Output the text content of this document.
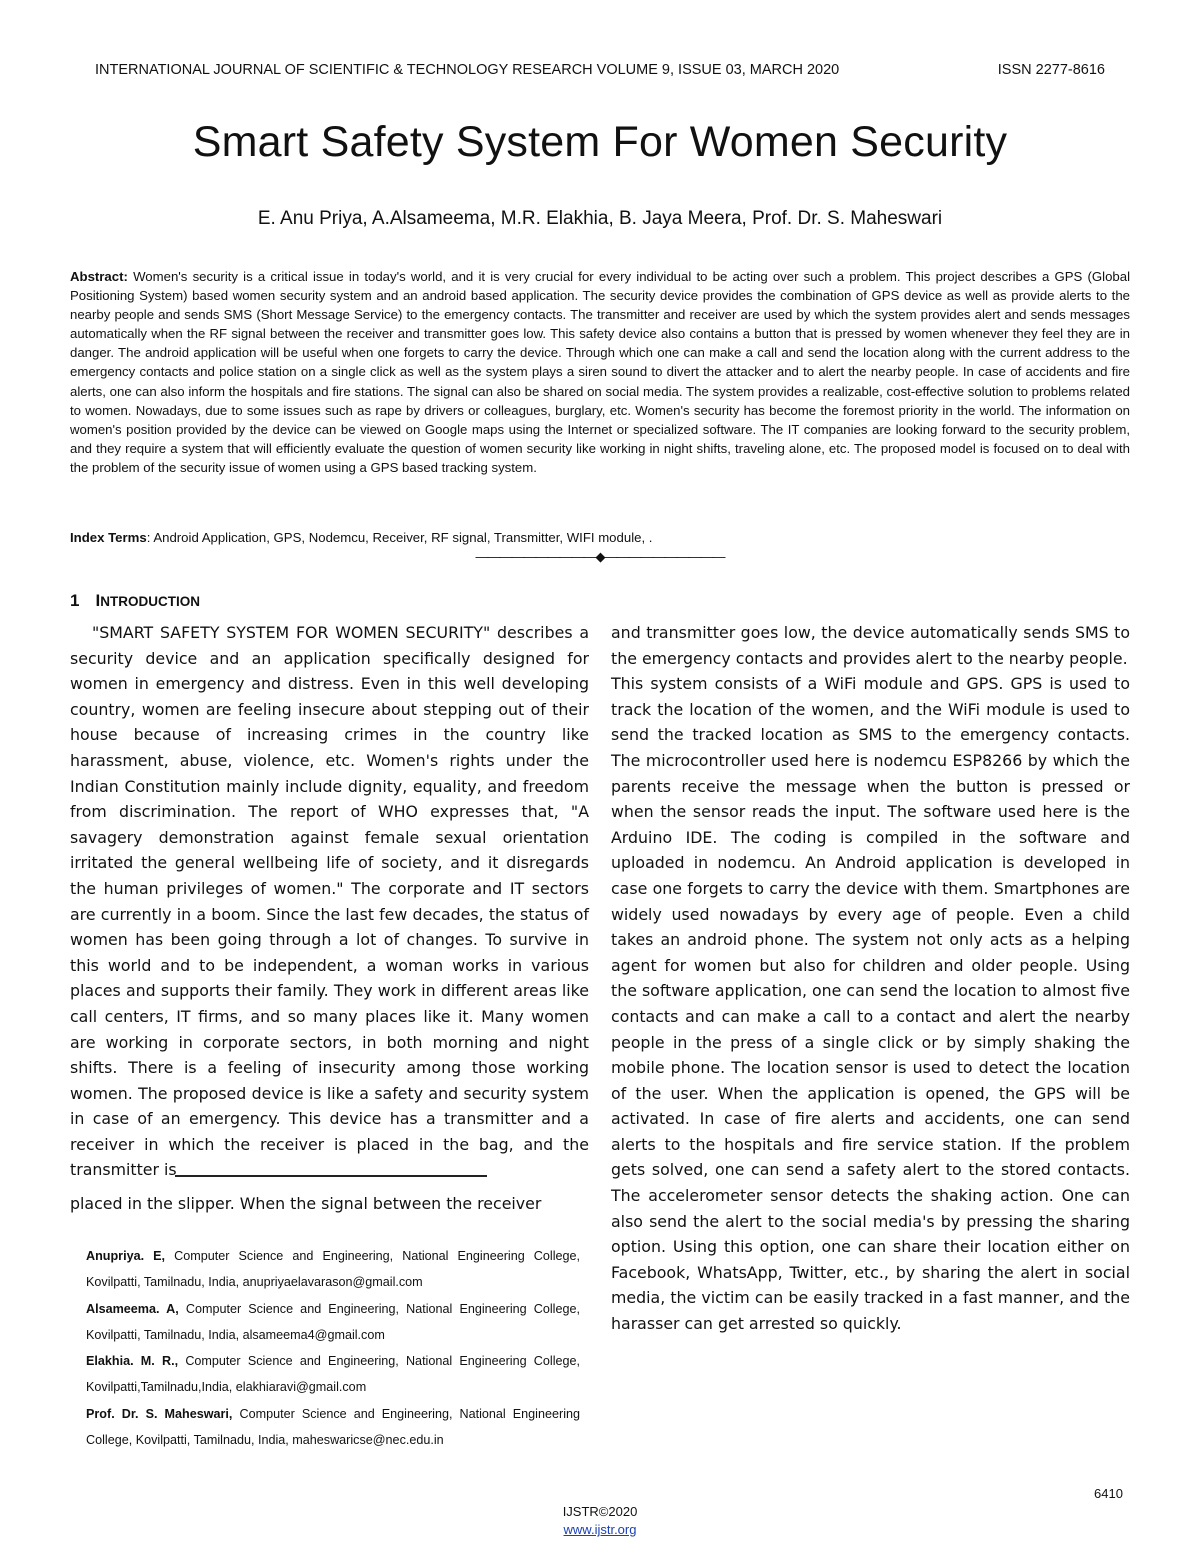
INTERNATIONAL JOURNAL OF SCIENTIFIC & TECHNOLOGY RESEARCH VOLUME 9, ISSUE 03, MARCH 2020	ISSN 2277-8616
Smart Safety System For Women Security
E. Anu Priya, A.Alsameema, M.R. Elakhia, B. Jaya Meera, Prof. Dr. S. Maheswari
Abstract: Women's security is a critical issue in today's world, and it is very crucial for every individual to be acting over such a problem. This project describes a GPS (Global Positioning System) based women security system and an android based application. The security device provides the combination of GPS device as well as provide alerts to the nearby people and sends SMS (Short Message Service) to the emergency contacts. The transmitter and receiver are used by which the system provides alert and sends messages automatically when the RF signal between the receiver and transmitter goes low. This safety device also contains a button that is pressed by women whenever they feel they are in danger. The android application will be useful when one forgets to carry the device. Through which one can make a call and send the location along with the current address to the emergency contacts and police station on a single click as well as the system plays a siren sound to divert the attacker and to alert the nearby people. In case of accidents and fire alerts, one can also inform the hospitals and fire stations. The signal can also be shared on social media. The system provides a realizable, cost-effective solution to problems related to women. Nowadays, due to some issues such as rape by drivers or colleagues, burglary, etc. Women's security has become the foremost priority in the world. The information on women's position provided by the device can be viewed on Google maps using the Internet or specialized software. The IT companies are looking forward to the security problem, and they require a system that will efficiently evaluate the question of women security like working in night shifts, traveling alone, etc. The proposed model is focused on to deal with the problem of the security issue of women using a GPS based tracking system.
Index Terms: Android Application, GPS, Nodemcu, Receiver, RF signal, Transmitter, WIFI module, .
——————————◆——————————
1 INTRODUCTION

"SMART SAFETY SYSTEM FOR WOMEN SECURITY" describes a security device and an application specifically designed for women in emergency and distress. Even in this well developing country, women are feeling insecure about stepping out of their house because of increasing crimes in the country like harassment, abuse, violence, etc. Women's rights under the Indian Constitution mainly include dignity, equality, and freedom from discrimination. The report of WHO expresses that, "A savagery demonstration against female sexual orientation irritated the general wellbeing life of society, and it disregards the human privileges of women." The corporate and IT sectors are currently in a boom. Since the last few decades, the status of women has been going through a lot of changes. To survive in this world and to be independent, a woman works in various places and supports their family. They work in different areas like call centers, IT firms, and so many places like it. Many women are working in corporate sectors, in both morning and night shifts. There is a feeling of insecurity among those working women. The proposed device is like a safety and security system in case of an emergency. This device has a transmitter and a receiver in which the receiver is placed in the bag, and the transmitter is

placed in the slipper. When the signal between the receiver

Anupriya. E, Computer Science and Engineering, National Engineering College, Kovilpatti, Tamilnadu, India, anupriyaelavarason@gmail.com

Alsameema. A, Computer Science and Engineering, National Engineering College, Kovilpatti, Tamilnadu, India, alsameema4@gmail.com

Elakhia. M. R., Computer Science and Engineering, National Engineering College, Kovilpatti,Tamilnadu,India, elakhiaravi@gmail.com

Prof. Dr. S. Maheswari, Computer Science and Engineering, National Engineering College, Kovilpatti, Tamilnadu, India, maheswaricse@nec.edu.in

and transmitter goes low, the device automatically sends SMS to the emergency contacts and provides alert to the nearby people.

This system consists of a WiFi module and GPS. GPS is used to track the location of the women, and the WiFi module is used to send the tracked location as SMS to the emergency contacts. The microcontroller used here is nodemcu ESP8266 by which the parents receive the message when the button is pressed or when the sensor reads the input. The software used here is the Arduino IDE. The coding is compiled in the software and uploaded in nodemcu. An Android application is developed in case one forgets to carry the device with them. Smartphones are widely used nowadays by every age of people. Even a child takes an android phone. The system not only acts as a helping agent for women but also for children and older people. Using the software application, one can send the location to almost five contacts and can make a call to a contact and alert the nearby people in the press of a single click or by simply shaking the mobile phone. The location sensor is used to detect the location of the user. When the application is opened, the GPS will be activated. In case of fire alerts and accidents, one can send alerts to the hospitals and fire service station. If the problem gets solved, one can send a safety alert to the stored contacts. The accelerometer sensor detects the shaking action. One can also send the alert to the social media's by pressing the sharing option. Using this option, one can share their location either on Facebook, WhatsApp, Twitter, etc., by sharing the alert in social media, the victim can be easily tracked in a fast manner, and the harasser can get arrested so quickly.

6410
IJSTR©2020
www.ijstr.org
